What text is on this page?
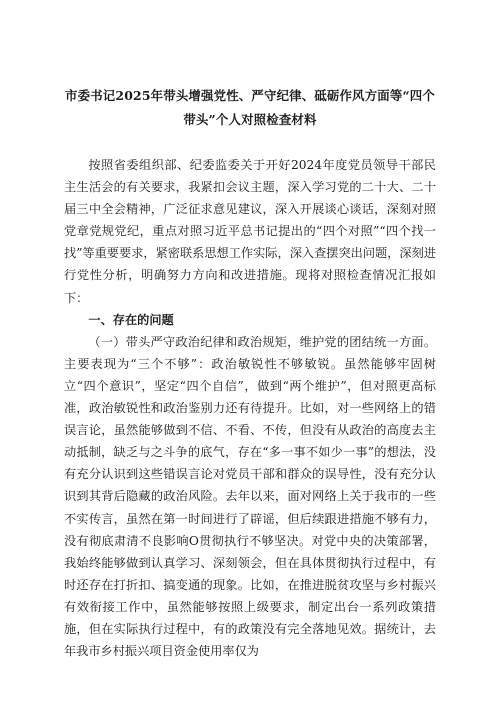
市委书记2025年带头增强党性、严守纪律、砥砺作风方面等“四个带头”个人对照检查材料

按照省委组织部、纪委监委关于开好2024年度党员领导干部民主生活会的有关要求，我紧扣会议主题，深入学习党的二十大、二十届三中全会精神，广泛征求意见建议，深入开展谈心谈话，深刻对照党章党规党纪，重点对照习近平总书记提出的“四个对照”“四个找一找”等重要要求，紧密联系思想工作实际，深入查摆突出问题，深刻进行党性分析，明确努力方向和改进措施。现将对照检查情况汇报如下：

一、存在的问题

（一）带头严守政治纪律和政治规矩，维护党的团结统一方面。主要表现为“三个不够”：政治敏锐性不够敏锐。虽然能够牢固树立“四个意识”，坚定“四个自信”，做到“两个维护”，但对照更高标准，政治敏锐性和政治鉴别力还有待提升。比如，对一些网络上的错误言论，虽然能够做到不信、不看、不传，但没有从政治的高度去主动抵制，缺乏与之斗争的底气，存在“多一事不如少一事”的想法，没有充分认识到这些错误言论对党员干部和群众的误导性，没有充分认识到其背后隐藏的政治风险。去年以来，面对网络上关于我市的一些不实传言，虽然在第一时间进行了辟谣，但后续跟进措施不够有力，没有彻底肃清不良影响O贯彻执行不够坚决。对党中央的决策部署，我始终能够做到认真学习、深刻领会，但在具体贯彻执行过程中，有时还存在打折扣、搞变通的现象。比如，在推进脱贫攻坚与乡村振兴有效衔接工作中，虽然能够按照上级要求，制定出台一系列政策措施，但在实际执行过程中，有的政策没有完全落地见效。据统计，去年我市乡村振兴项目资金使用率仅为
